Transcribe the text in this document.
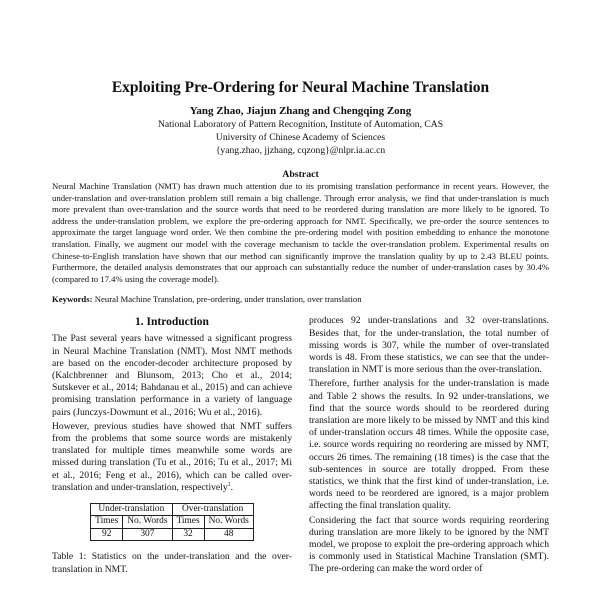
Exploiting Pre-Ordering for Neural Machine Translation
Yang Zhao, Jiajun Zhang and Chengqing Zong
National Laboratory of Pattern Recognition, Institute of Automation, CAS
University of Chinese Academy of Sciences
{yang.zhao, jjzhang, cqzong}@nlpr.ia.ac.cn
Abstract
Neural Machine Translation (NMT) has drawn much attention due to its promising translation performance in recent years. However, the under-translation and over-translation problem still remain a big challenge. Through error analysis, we find that under-translation is much more prevalent than over-translation and the source words that need to be reordered during translation are more likely to be ignored. To address the under-translation problem, we explore the pre-ordering approach for NMT. Specifically, we pre-order the source sentences to approximate the target language word order. We then combine the pre-ordering model with position embedding to enhance the monotone translation. Finally, we augment our model with the coverage mechanism to tackle the over-translation problem. Experimental results on Chinese-to-English translation have shown that our method can significantly improve the translation quality by up to 2.43 BLEU points. Furthermore, the detailed analysis demonstrates that our approach can substantially reduce the number of under-translation cases by 30.4% (compared to 17.4% using the coverage model).
Keywords: Neural Machine Translation, pre-ordering, under translation, over translation
1. Introduction

The Past several years have witnessed a significant progress in Neural Machine Translation (NMT). Most NMT methods are based on the encoder-decoder architecture proposed by (Kalchbrenner and Blunsom, 2013; Cho et al., 2014; Sutskever et al., 2014; Bahdanau et al., 2015) and can achieve promising translation performance in a variety of language pairs (Junczys-Dowmunt et al., 2016; Wu et al., 2016).

However, previous studies have showed that NMT suffers from the problems that some source words are mistakenly translated for multiple times meanwhile some words are missed during translation (Tu et al., 2016; Tu et al., 2017; Mi et al., 2016; Feng et al., 2016), which can be called over-translation and under-translation, respectively$^1$.

Under-translation		Over-translation	
Times	No. Words	Times	No. Words
92	307	32	48
Table 1: Statistics on the under-translation and the over-translation in NMT.

produces 92 under-translations and 32 over-translations. Besides that, for the under-translation, the total number of missing words is 307, while the number of over-translated words is 48. From these statistics, we can see that the under-translation in NMT is more serious than the over-translation.

Therefore, further analysis for the under-translation is made and Table 2 shows the results. In 92 under-translations, we find that the source words should to be reordered during translation are more likely to be missed by NMT and this kind of under-translation occurs 48 times. While the opposite case, i.e. source words requiring no reordering are missed by NMT, occurs 26 times. The remaining (18 times) is the case that the sub-sentences in source are totally dropped. From these statistics, we think that the first kind of under-translation, i.e. words need to be reordered are ignored, is a major problem affecting the final translation quality.

Considering the fact that source words requiring reordering during translation are more likely to be ignored by the NMT model, we propose to exploit the pre-ordering approach which is commonly used in Statistical Machine Translation (SMT). The pre-ordering can make the word order of
